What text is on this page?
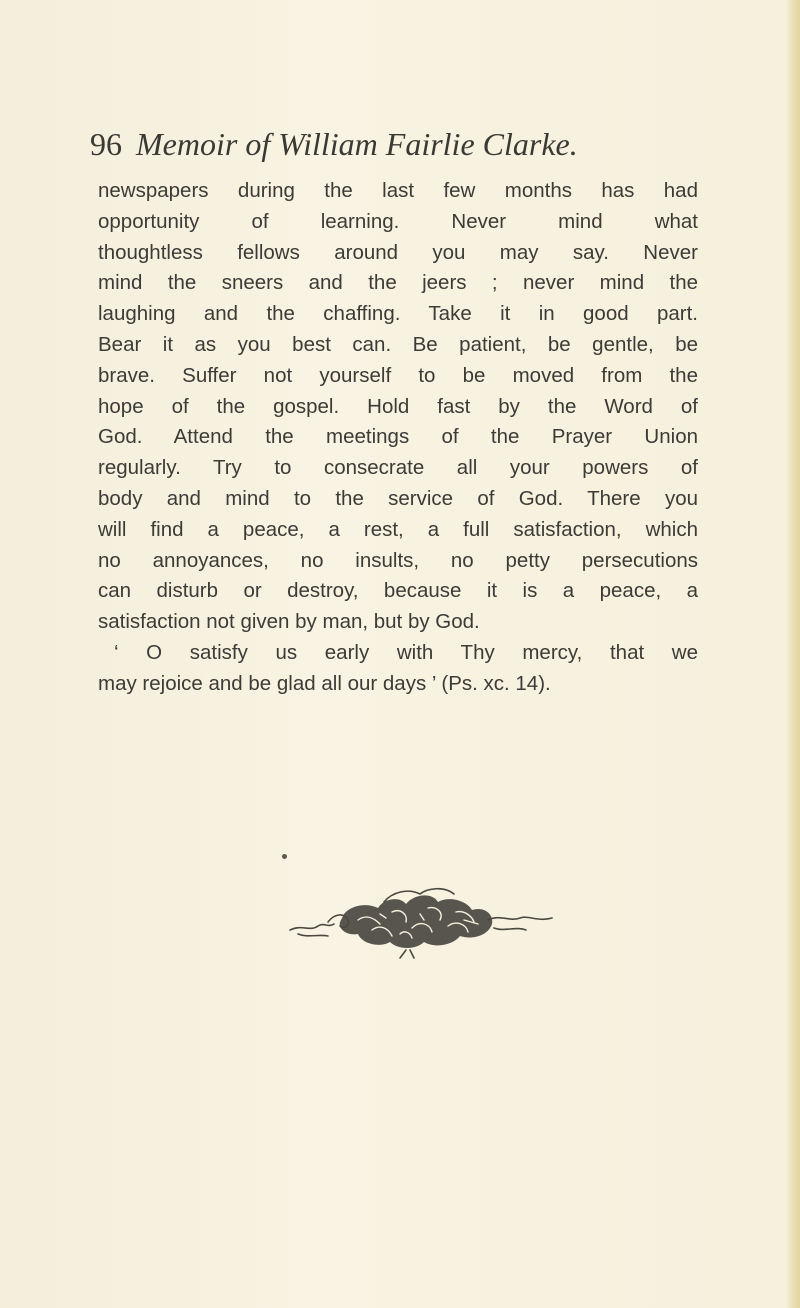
96 Memoir of William Fairlie Clarke.
newspapers during the last few months has had
opportunity of learning. Never mind what
thoughtless fellows around you may say. Never
mind the sneers and the jeers ; never mind the
laughing and the chaffing. Take it in good part.
Bear it as you best can. Be patient, be gentle, be
brave. Suffer not yourself to be moved from the
hope of the gospel. Hold fast by the Word of
God. Attend the meetings of the Prayer Union
regularly. Try to consecrate all your powers of
body and mind to the service of God. There you
will find a peace, a rest, a full satisfaction, which
no annoyances, no insults, no petty persecutions
can disturb or destroy, because it is a peace, a
satisfaction not given by man, but by God.
‘ O satisfy us early with Thy mercy, that we
may rejoice and be glad all our days ’ (Ps. xc. 14).
